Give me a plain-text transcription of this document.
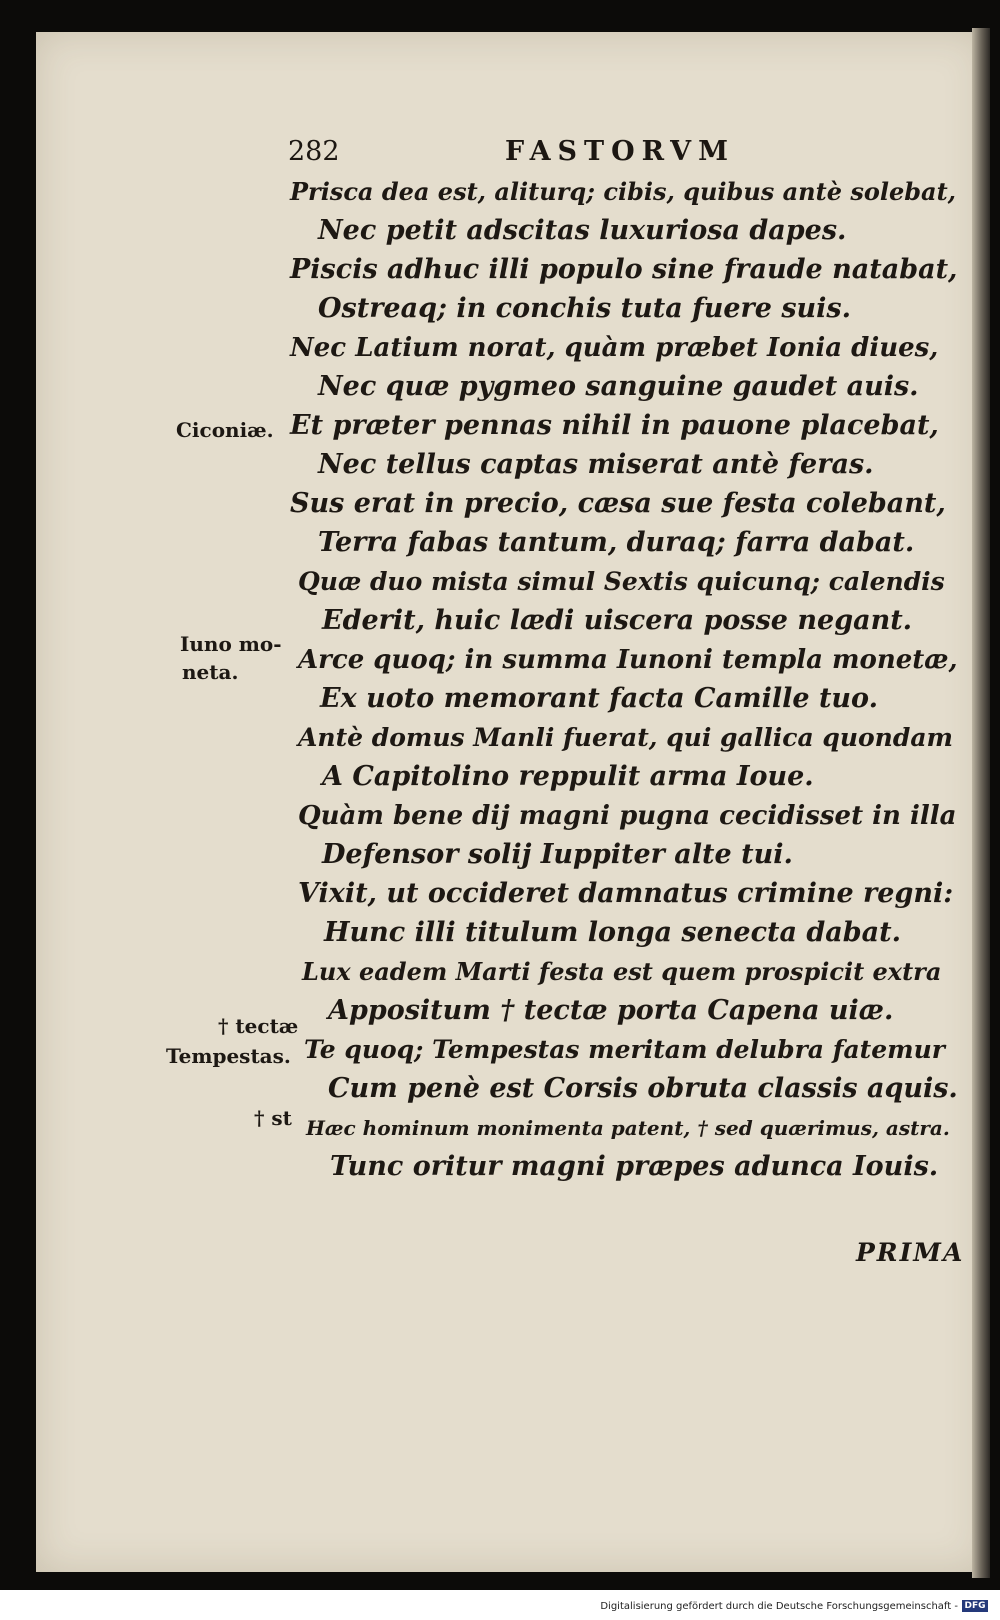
282	FASTORVM
Prisca dea est, aliturq; cibis, quibus antè solebat,
Nec petit adscitas luxuriosa dapes.
Piscis adhuc illi populo sine fraude natabat,
Ostreaq; in conchis tuta fuere suis.
Nec Latium norat, quàm præbet Ionia diues,
Nec quæ pygmeo sanguine gaudet auis.
Et præter pennas nihil in pauone placebat,
Nec tellus captas miserat antè feras.
Sus erat in precio, cæsa sue festa colebant,
Terra fabas tantum, duraq; farra dabat.
Quæ duo mista simul Sextis quicunq; calendis
Ederit, huic lædi uiscera posse negant.
Arce quoq; in summa Iunoni templa monetæ,
Ex uoto memorant facta Camille tuo.
Antè domus Manli fuerat, qui gallica quondam
A Capitolino reppulit arma Ioue.
Quàm bene dij magni pugna cecidisset in illa
Defensor solij Iuppiter alte tui.
Vixit, ut occideret damnatus crimine regni:
Hunc illi titulum longa senecta dabat.
Lux eadem Marti festa est quem prospicit extra
Appositum † tectæ porta Capena uiæ.
Te quoq; Tempestas meritam delubra fatemur
Cum penè est Corsis obruta classis aquis.
Hæc hominum monimenta patent, † sed quærimus, astra.
Tunc oritur magni præpes adunca Iouis.
Ciconiæ.
Iuno mo-
neta.
† tectæ
Tempestas.
† st
PRIMA
Digitalisierung gefördert durch die Deutsche Forschungsgemeinschaft - DFG
